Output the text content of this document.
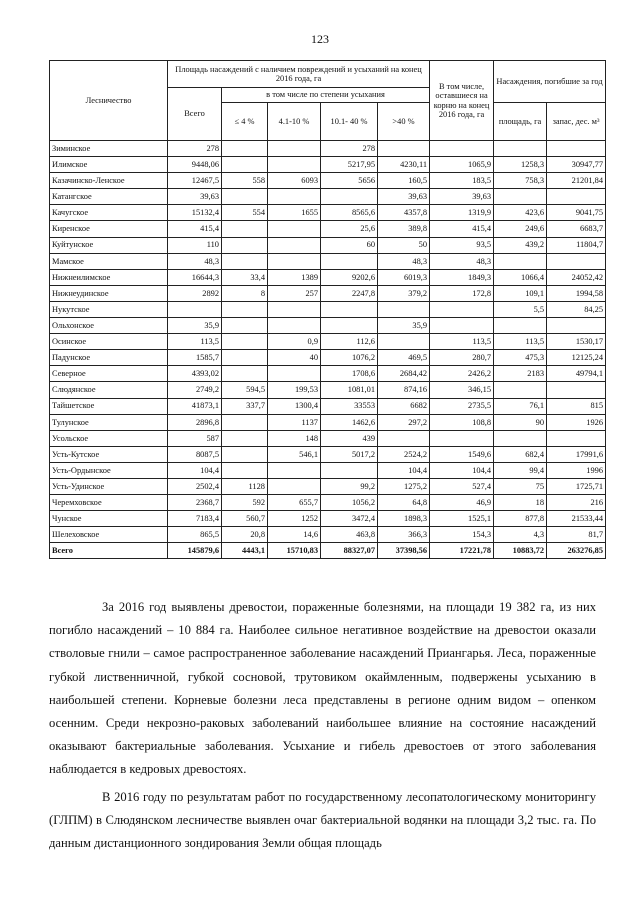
123
Лесничество	Площадь насаждений с наличием повреждений и усыханий на конец 2016 года, га					В том числе, оставшиеся на корню на конец 2016 года, га	Насаждения, погибшие за год	
	Всего	в том числе по степени усыхания						
		≤ 4 %	4.1-10 %	10.1- 40 %	>40 %		площадь, га	запас, дес. м³
Зиминское	278			278				
Илимское	9448,06			5217,95	4230,11	1065,9	1258,3	30947,77
Казачинско-Ленское	12467,5	558	6093	5656	160,5	183,5	758,3	21201,84
Катангское	39,63				39,63	39,63		
Качугское	15132,4	554	1655	8565,6	4357,8	1319,9	423,6	9041,75
Киренское	415,4			25,6	389,8	415,4	249,6	6683,7
Куйтунское	110			60	50	93,5	439,2	11804,7
Мамское	48,3				48,3	48,3		
Нижнеилимское	16644,3	33,4	1389	9202,6	6019,3	1849,3	1066,4	24052,42
Нижнеудинское	2892	8	257	2247,8	379,2	172,8	109,1	1994,58
Нукутское							5,5	84,25
Ольхонское	35,9				35,9			
Осинское	113,5		0,9	112,6		113,5	113,5	1530,17
Падунское	1585,7		40	1076,2	469,5	280,7	475,3	12125,24
Северное	4393,02			1708,6	2684,42	2426,2	2183	49794,1
Слюдянское	2749,2	594,5	199,53	1081,01	874,16	346,15		
Тайшетское	41873,1	337,7	1300,4	33553	6682	2735,5	76,1	815
Тулунское	2896,8		1137	1462,6	297,2	108,8	90	1926
Усольское	587		148	439				
Усть-Кутское	8087,5		546,1	5017,2	2524,2	1549,6	682,4	17991,6
Усть-Ордынское	104,4				104,4	104,4	99,4	1996
Усть-Удинское	2502,4	1128		99,2	1275,2	527,4	75	1725,71
Черемховское	2368,7	592	655,7	1056,2	64,8	46,9	18	216
Чунское	7183,4	560,7	1252	3472,4	1898,3	1525,1	877,8	21533,44
Шелеховское	865,5	20,8	14,6	463,8	366,3	154,3	4,3	81,7
Всего	145879,6	4443,1	15710,83	88327,07	37398,56	17221,78	10883,72	263276,85

За 2016 год выявлены древостои, пораженные болезнями, на площади 19 382 га, из них погибло насаждений – 10 884 га. Наиболее сильное негативное воздействие на древостои оказали стволовые гнили – самое распространенное заболевание насаждений Приангарья. Леса, пораженные губкой лиственничной, губкой сосновой, трутовиком окаймленным, подвержены усыханию в наибольшей степени. Корневые болезни леса представлены в регионе одним видом – опенком осенним. Среди некрозно-раковых заболеваний наибольшее влияние на состояние насаждений оказывают бактериальные заболевания. Усыхание и гибель древостоев от этого заболевания наблюдается в кедровых древостоях.

В 2016 году по результатам работ по государственному лесопатологическому мониторингу (ГЛПМ) в Слюдянском лесничестве выявлен очаг бактериальной водянки на площади 3,2 тыс. га. По данным дистанционного зондирования Земли общая площадь
